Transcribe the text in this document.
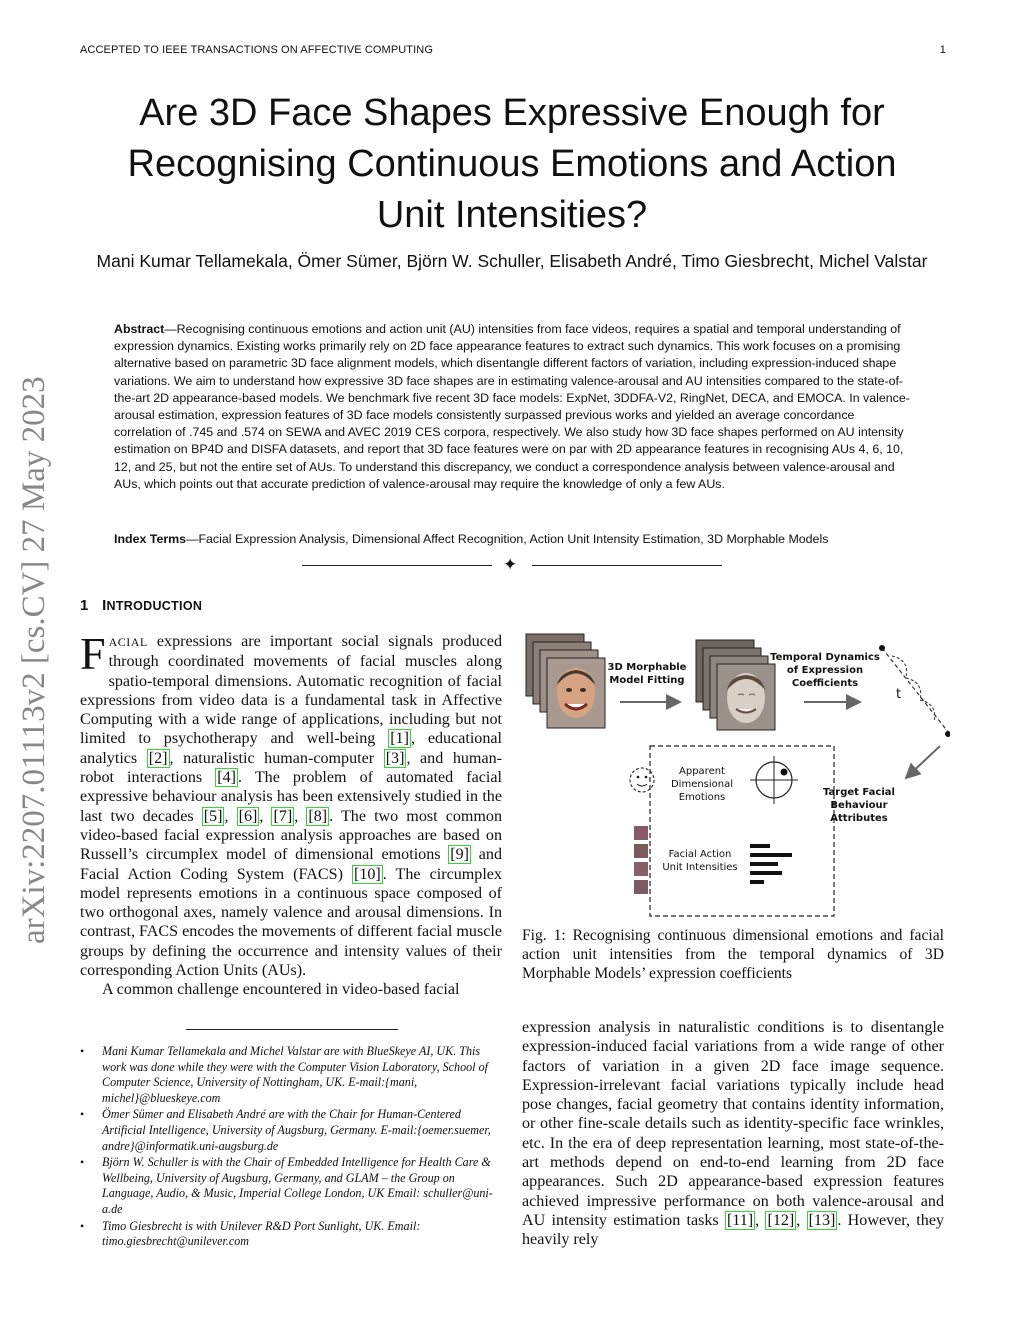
ACCEPTED TO IEEE TRANSACTIONS ON AFFECTIVE COMPUTING	1
arXiv:2207.01113v2 [cs.CV] 27 May 2023
Are 3D Face Shapes Expressive Enough for Recognising Continuous Emotions and Action Unit Intensities?
Mani Kumar Tellamekala, Ömer Sümer, Björn W. Schuller, Elisabeth André, Timo Giesbrecht, Michel Valstar
Abstract—Recognising continuous emotions and action unit (AU) intensities from face videos, requires a spatial and temporal understanding of expression dynamics. Existing works primarily rely on 2D face appearance features to extract such dynamics. This work focuses on a promising alternative based on parametric 3D face alignment models, which disentangle different factors of variation, including expression-induced shape variations. We aim to understand how expressive 3D face shapes are in estimating valence-arousal and AU intensities compared to the state-of-the-art 2D appearance-based models. We benchmark five recent 3D face models: ExpNet, 3DDFA-V2, RingNet, DECA, and EMOCA. In valence-arousal estimation, expression features of 3D face models consistently surpassed previous works and yielded an average concordance correlation of .745 and .574 on SEWA and AVEC 2019 CES corpora, respectively. We also study how 3D face shapes performed on AU intensity estimation on BP4D and DISFA datasets, and report that 3D face features were on par with 2D appearance features in recognising AUs 4, 6, 10, 12, and 25, but not the entire set of AUs. To understand this discrepancy, we conduct a correspondence analysis between valence-arousal and AUs, which points out that accurate prediction of valence-arousal may require the knowledge of only a few AUs.
Index Terms—Facial Expression Analysis, Dimensional Affect Recognition, Action Unit Intensity Estimation, 3D Morphable Models
✦
1 INTRODUCTION

FACIAL expressions are important social signals produced through coordinated movements of facial muscles along spatio-temporal dimensions. Automatic recognition of facial expressions from video data is a fundamental task in Affective Computing with a wide range of applications, including but not limited to psychotherapy and well-being [1] , educational analytics [2] , naturalistic human-computer [3] , and human-robot interactions [4] . The problem of automated facial expressive behaviour analysis has been extensively studied in the last two decades [5] , [6] , [7] , [8] . The two most common video-based facial expression analysis approaches are based on Russell’s circumplex model of dimensional emotions [9] and Facial Action Coding System (FACS) [10] . The circumplex model represents emotions in a continuous space composed of two orthogonal axes, namely valence and arousal dimensions. In contrast, FACS encodes the movements of different facial muscle groups by defining the occurrence and intensity values of their corresponding Action Units (AUs).

A common challenge encountered in video-based facial

• Mani Kumar Tellamekala and Michel Valstar are with BlueSkeye AI, UK. This work was done while they were with the Computer Vision Laboratory, School of Computer Science, University of Nottingham, UK. E-mail:{mani, michel}@blueskeye.com
• Ömer Sümer and Elisabeth André are with the Chair for Human-Centered Artificial Intelligence, University of Augsburg, Germany. E-mail:{oemer.suemer, andre}@informatik.uni-augsburg.de
• Björn W. Schuller is with the Chair of Embedded Intelligence for Health Care & Wellbeing, University of Augsburg, Germany, and GLAM – the Group on Language, Audio, & Music, Imperial College London, UK Email: schuller@uni-a.de
• Timo Giesbrecht is with Unilever R&D Port Sunlight, UK. Email: timo.giesbrecht@unilever.com
3D Morphable
Model Fitting
Temporal Dynamics
of Expression
Coefficients
t
Apparent
Dimensional
Emotions
Facial Action
Unit Intensities
Target Facial
Behaviour
Attributes
Fig. 1: Recognising continuous dimensional emotions and facial action unit intensities from the temporal dynamics of 3D Morphable Models’ expression coefficients
expression analysis in naturalistic conditions is to disentangle expression-induced facial variations from a wide range of other factors of variation in a given 2D face image sequence. Expression-irrelevant facial variations typically include head pose changes, facial geometry that contains identity information, or other fine-scale details such as identity-specific face wrinkles, etc. In the era of deep representation learning, most state-of-the-art methods depend on end-to-end learning from 2D face appearances. Such 2D appearance-based expression features achieved impressive performance on both valence-arousal and AU intensity estimation tasks [11] , [12] , [13] . However, they heavily rely
